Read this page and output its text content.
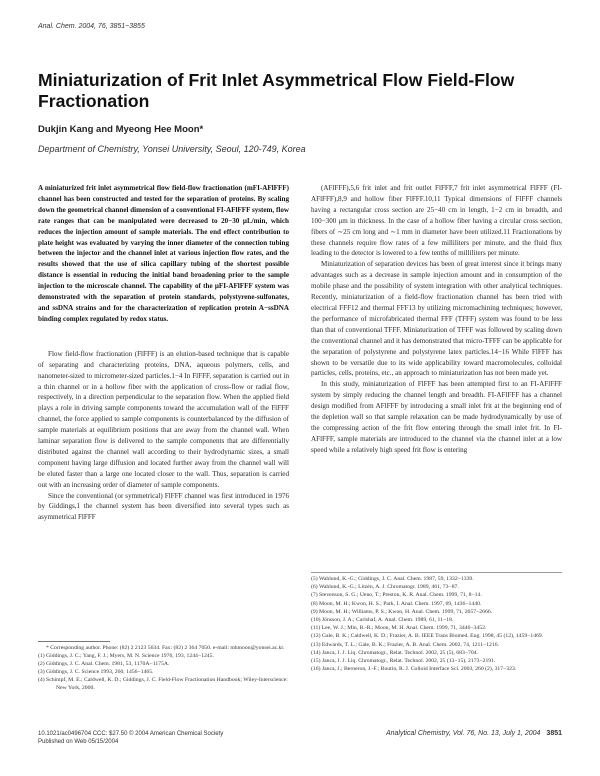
Anal. Chem. 2004, 76, 3851−3855
Miniaturization of Frit Inlet Asymmetrical Flow Field-Flow Fractionation
Dukjin Kang and Myeong Hee Moon*
Department of Chemistry, Yonsei University, Seoul, 120-749, Korea

A miniaturized frit inlet asymmetrical flow field-flow fractionation (mFI-AFlFFF) channel has been constructed and tested for the separation of proteins. By scaling down the geometrical channel dimension of a conventional FI-AFlFFF system, flow rate ranges that can be manipulated were decreased to 20−30 μL/min, which reduces the injection amount of sample materials. The end effect contribution to plate height was evaluated by varying the inner diameter of the connection tubing between the injector and the channel inlet at various injection flow rates, and the results showed that the use of silica capillary tubing of the shortest possible distance is essential in reducing the initial band broadening prior to the sample injection to the microscale channel. The capability of the μFI-AFlFFF system was demonstrated with the separation of protein standards, polystyrene-sulfonates, and ssDNA strains and for the characterization of replication protein A−ssDNA binding complex regulated by redox status.

Flow field-flow fractionation (FlFFF) is an elution-based technique that is capable of separating and characterizing proteins, DNA, aqueous polymers, cells, and nanometer-sized to micrometer-sized particles.1−4 In FlFFF, separation is carried out in a thin channel or in a hollow fiber with the application of cross-flow or radial flow, respectively, in a direction perpendicular to the separation flow. When the applied field plays a role in driving sample components toward the accumulation wall of the FlFFF channel, the force applied to sample components is counterbalanced by the diffusion of sample materials at equilibrium positions that are away from the channel wall. When laminar separation flow is delivered to the sample components that are differentially distributed against the channel wall according to their hydrodynamic sizes, a small component having large diffusion and located further away from the channel wall will be eluted faster than a large one located closer to the wall. Thus, separation is carried out with an increasing order of diameter of sample components.

Since the conventional (or symmetrical) FlFFF channel was first introduced in 1976 by Giddings,1 the channel system has been diversified into several types such as asymmetrical FlFFF

* Corresponding author. Phone: (82) 2 2123 5634. Fax: (82) 2 364 7050. e-mail: mhmoon@yonsei.ac.kr.

(1) Giddings, J. C.; Yang, F. J.; Myers, M. N. Science 1976, 193, 1244−1245.

(2) Giddings, J. C. Anal. Chem. 1981, 53, 1170A−1175A.

(3) Giddings, J. C. Science 1993, 260, 1456−1465.

(4) Schimpf, M. E.; Caldwell, K. D.; Giddings, J. C. Field-Flow Fractionation Handbook; Wiley-Interscience: New York, 2000.

(AFlFFF),5,6 frit inlet and frit outlet FlFFF,7 frit inlet asymmetrical FlFFF (FI-AFlFFF),8,9 and hollow fiber FlFFF.10,11 Typical dimensions of FlFFF channels having a rectangular cross section are 25−40 cm in length, 1−2 cm in breadth, and 100−300 μm in thickness. In the case of a hollow fiber having a circular cross section, fibers of ∼25 cm long and ∼1 mm in diameter have been utilized.11 Fractionations by these channels require flow rates of a few milliliters per minute, and the fluid flux leading to the detector is lowered to a few tenths of milliliters per minute.

Miniaturization of separation devices has been of great interest since it brings many advantages such as a decrease in sample injection amount and in consumption of the mobile phase and the possibility of system integration with other analytical techniques. Recently, miniaturization of a field-flow fractionation channel has been tried with electrical FFF12 and thermal FFF13 by utilizing micromachining techniques; however, the performance of microfabricated thermal FFF (TFFF) system was found to be less than that of conventional TFFF. Miniaturization of TFFF was followed by scaling down the conventional channel and it has demonstrated that micro-TFFF can be applicable for the separation of polystyrene and polystyrene latex particles.14−16 While FlFFF has shown to be versatile due to its wide applicability toward macromolecules, colloidal particles, cells, proteins, etc., an approach to miniaturization has not been made yet.

In this study, miniaturization of FlFFF has been attempted first to an FI-AFlFFF system by simply reducing the channel length and breadth. FI-AFlFFF has a channel design modified from AFlFFF by introducing a small inlet frit at the beginning end of the depletion wall so that sample relaxation can be made hydrodynamically by use of the compressing action of the frit flow entering through the small inlet frit. In FI-AFlFFF, sample materials are introduced to the channel via the channel inlet at a low speed while a relatively high speed frit flow is entering

(5) Wahlund, K.-G.; Giddings, J. C. Anal. Chem. 1987, 59, 1332−1339.

(6) Wahlund, K.-G.; Litzén, A. J. Chromatogr. 1989, 461, 73−87.

(7) Stevenson, S. G.; Ueno, T.; Preston, K. R. Anal. Chem. 1999, 71, 8−14.

(8) Moon, M. H.; Kwon, H. S.; Park, I. Anal. Chem. 1997, 69, 1436−1440.

(9) Moon, M. H.; Williams, P. S.; Kwon, H. Anal. Chem. 1999, 71, 2657−2666.

(10) Jönsson, J. A.; Carlshaf, A. Anal. Chem. 1989, 61, 11−18.

(11) Lee, W. J.; Min, B.-R.; Moon, M. H. Anal. Chem. 1999, 71, 3446−3452.

(12) Gale, B. K.; Caldwell, K. D.; Frazier, A. B. IEEE Trans Biomed. Eng. 1998, 45 (12), 1459−1469.

(13) Edwards, T. L.; Gale, B. K.; Frazier, A. B. Anal. Chem. 2002, 74, 1211−1216.

(14) Janca, J. J. Liq. Chromatogr., Relat. Technol. 2002, 25 (5), 683−704.

(15) Janca, J. J. Liq. Chromatogr., Relat. Technol. 2002, 25 (13−15), 2173−2191.

(16) Janca, J.; Berneron, J.-F.; Boutin, R. J. Colloid Interface Sci. 2003, 260 (2), 317−323.

10.1021/ac0496704 CCC: $27.50 © 2004 American Chemical Society
Published on Web 05/15/2004
Analytical Chemistry, Vol. 76, No. 13, July 1, 2004 3851
